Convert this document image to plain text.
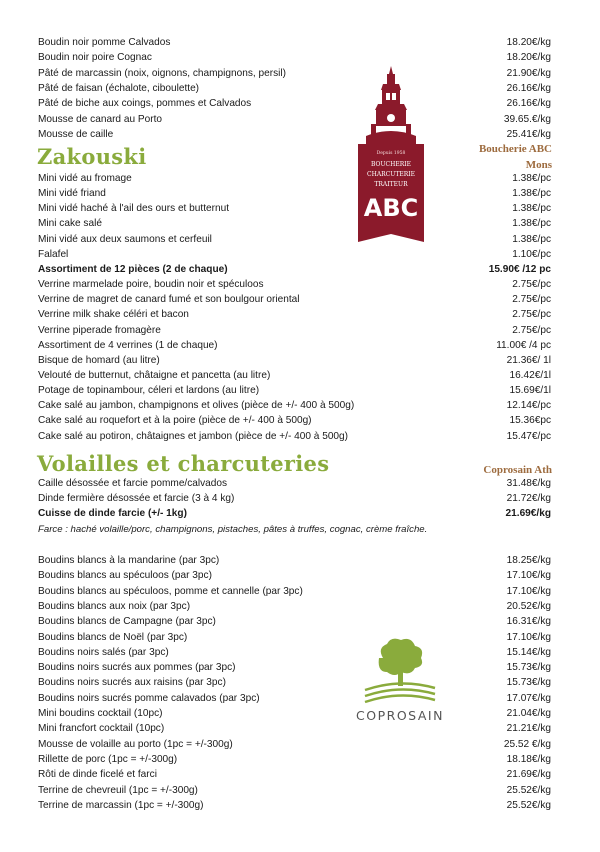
Boudin noir pomme Calvados	18.20€/kg
Boudin noir poire Cognac	18.20€/kg
Pâté de marcassin (noix, oignons, champignons, persil)	21.90€/kg
Pâté de faisan (échalote, ciboulette)	26.16€/kg
Pâté de biche aux coings, pommes et Calvados	26.16€/kg
Mousse de canard au Porto	39.65.€/kg
Mousse de caille	25.41€/kg
Zakouski	Boucherie ABC
Mons
Mini vidé au fromage	1.38€/pc
Mini vidé friand	1.38€/pc
Mini vidé haché à l'ail des ours et butternut	1.38€/pc
Mini cake salé	1.38€/pc
Mini vidé aux deux saumons et cerfeuil	1.38€/pc
Falafel	1.10€/pc
Assortiment de 12 pièces (2 de chaque)	15.90€ /12 pc
Verrine marmelade poire, boudin noir et spéculoos	2.75€/pc
Verrine de magret de canard fumé et son boulgour oriental	2.75€/pc
Verrine milk shake céléri et bacon	2.75€/pc
Verrine piperade fromagère	2.75€/pc
Assortiment de 4 verrines (1 de chaque)	11.00€ /4 pc
Bisque de homard (au litre)	21.36€/ 1l
Velouté de butternut, châtaigne et pancetta (au litre)	16.42€/1l
Potage de topinambour, céleri et lardons (au litre)	15.69€/1l
Cake salé au jambon, champignons et olives (pièce de +/- 400 à 500g)	12.14€/pc
Cake salé au roquefort et à la poire (pièce de +/- 400 à 500g)	15.36€pc
Cake salé au potiron, châtaignes et jambon (pièce de +/- 400 à 500g)	15.47€/pc
Volailles et charcuteries	Coprosain Ath
Caille désossée et farcie pomme/calvados	31.48€/kg
Dinde fermière désossée et farcie (3 à 4 kg)	21.72€/kg
Cuisse de dinde farcie (+/- 1kg)	21.69€/kg
Farce : haché volaille/porc, champignons, pistaches, pâtes à truffes, cognac, crème fraîche.
Boudins blancs à la mandarine (par 3pc)	18.25€/kg
Boudins blancs au spéculoos (par 3pc)	17.10€/kg
Boudins blancs au spéculoos, pomme et cannelle (par 3pc)	17.10€/kg
Boudins blancs aux noix (par 3pc)	20.52€/kg
Boudins blancs de Campagne (par 3pc)	16.31€/kg
Boudins blancs de Noël (par 3pc)	17.10€/kg
Boudins noirs salés (par 3pc)	15.14€/kg
Boudins noirs sucrés aux pommes (par 3pc)	15.73€/kg
Boudins noirs sucrés aux raisins (par 3pc)	15.73€/kg
Boudins noirs sucrés pomme calavados (par 3pc)	17.07€/kg
Mini boudins cocktail (10pc)	21.04€/kg
Mini francfort cocktail (10pc)	21.21€/kg
Mousse de volaille au porto (1pc = +/-300g)	25.52 €/kg
Rillette de porc (1pc = +/-300g)	18.18€/kg
Rôti de dinde ficelé et farci	21.69€/kg
Terrine de chevreuil (1pc = +/-300g)	25.52€/kg
Terrine de marcassin (1pc = +/-300g)	25.52€/kg
Depuis 1958
BOUCHERIE
CHARCUTERIE
TRAITEUR
ABC
COPROSAIN
